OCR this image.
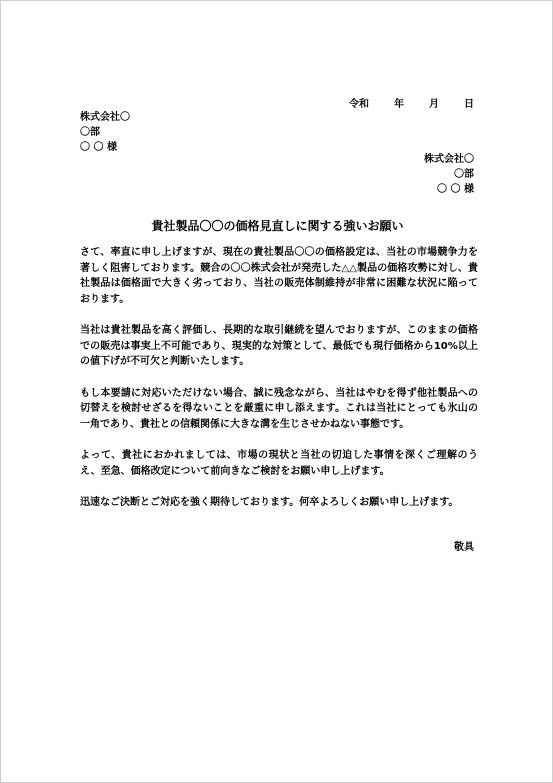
令和	年	月	日
株式会社〇
〇部
〇 〇 様
株式会社〇
〇部
〇 〇 様
貴社製品〇〇の価格見直しに関する強いお願い

さて、率直に申し上げますが、現在の貴社製品〇〇の価格設定は、当社の市場競争力を著しく阻害しております。競合の〇〇株式会社が発売した△△製品の価格攻勢に対し、貴社製品は価格面で大きく劣っており、当社の販売体制維持が非常に困難な状況に陥っております。

当社は貴社製品を高く評価し、長期的な取引継続を望んでおりますが、このままの価格での販売は事実上不可能であり、現実的な対策として、最低でも現行価格から10%以上の値下げが不可欠と判断いたします。

もし本要請に対応いただけない場合、誠に残念ながら、当社はやむを得ず他社製品への切替えを検討せざるを得ないことを厳重に申し添えます。これは当社にとっても氷山の一角であり、貴社との信頼関係に大きな溝を生じさせかねない事態です。

よって、貴社におかれましては、市場の現状と当社の切迫した事情を深くご理解のうえ、至急、価格改定について前向きなご検討をお願い申し上げます。

迅速なご決断とご対応を強く期待しております。何卒よろしくお願い申し上げます。

敬具
